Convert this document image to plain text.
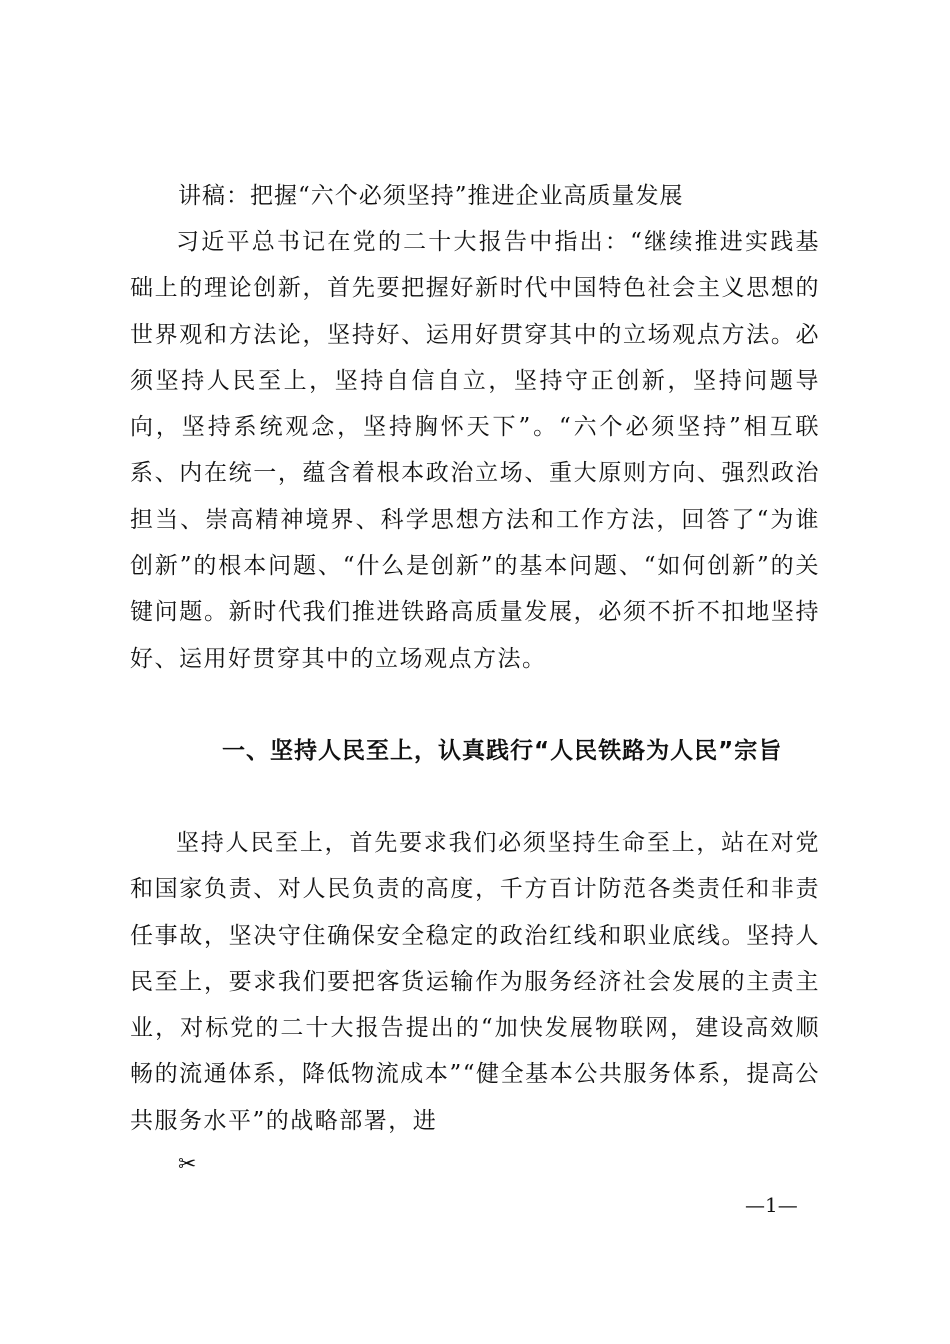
讲稿：把握“六个必须坚持”推进企业高质量发展

习近平总书记在党的二十大报告中指出：“继续推进实践基础上的理论创新，首先要把握好新时代中国特色社会主义思想的世界观和方法论，坚持好、运用好贯穿其中的立场观点方法。必须坚持人民至上，坚持自信自立，坚持守正创新，坚持问题导向，坚持系统观念，坚持胸怀天下”。“六个必须坚持”相互联系、内在统一，蕴含着根本政治立场、重大原则方向、强烈政治担当、崇高精神境界、科学思想方法和工作方法，回答了“为谁创新”的根本问题、“什么是创新”的基本问题、“如何创新”的关键问题。新时代我们推进铁路高质量发展，必须不折不扣地坚持好、运用好贯穿其中的立场观点方法。

一、坚持人民至上，认真践行“人民铁路为人民”宗旨

坚持人民至上，首先要求我们必须坚持生命至上，站在对党和国家负责、对人民负责的高度，千方百计防范各类责任和非责任事故，坚决守住确保安全稳定的政治红线和职业底线。坚持人民至上，要求我们要把客货运输作为服务经济社会发展的主责主业，对标党的二十大报告提出的“加快发展物联网，建设高效顺畅的流通体系，降低物流成本”“健全基本公共服务体系，提高公共服务水平”的战略部署，进

✂
—1—
